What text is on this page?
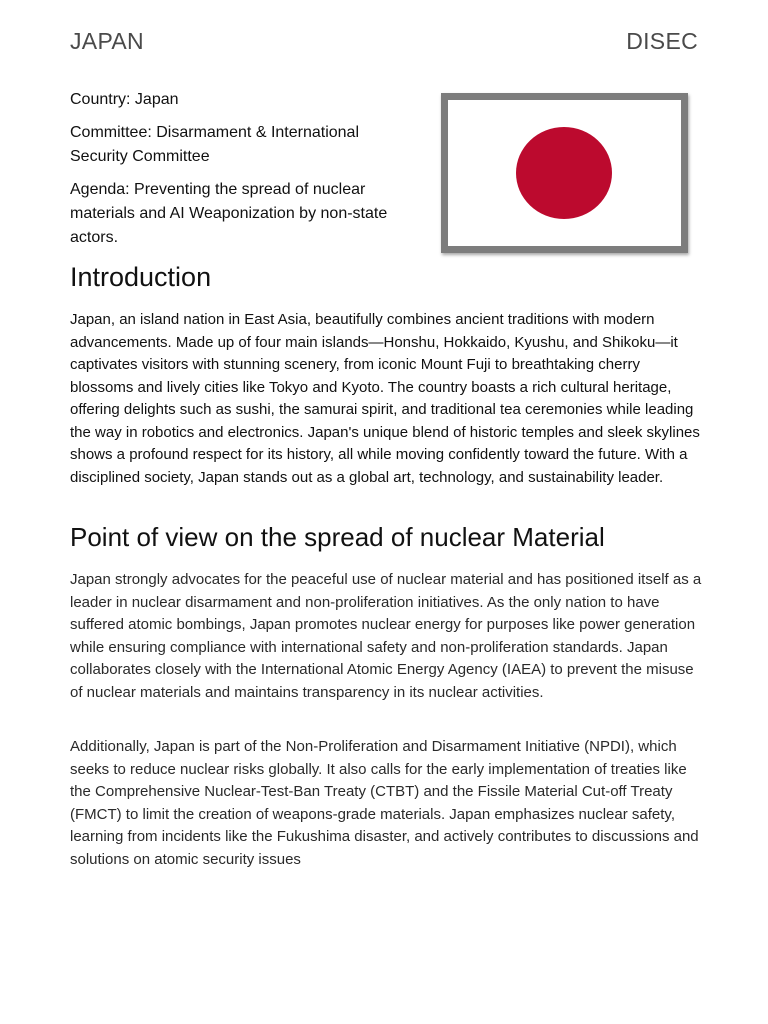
JAPAN	DISEC

Country: Japan

Committee: Disarmament & International Security Committee

Agenda: Preventing the spread of nuclear materials and AI Weaponization by non-state actors.

Introduction

Japan, an island nation in East Asia, beautifully combines ancient traditions with modern advancements. Made up of four main islands—Honshu, Hokkaido, Kyushu, and Shikoku—it captivates visitors with stunning scenery, from iconic Mount Fuji to breathtaking cherry blossoms and lively cities like Tokyo and Kyoto. The country boasts a rich cultural heritage, offering delights such as sushi, the samurai spirit, and traditional tea ceremonies while leading the way in robotics and electronics. Japan's unique blend of historic temples and sleek skylines shows a profound respect for its history, all while moving confidently toward the future. With a disciplined society, Japan stands out as a global art, technology, and sustainability leader.

Point of view on the spread of nuclear Material

Japan strongly advocates for the peaceful use of nuclear material and has positioned itself as a leader in nuclear disarmament and non-proliferation initiatives. As the only nation to have suffered atomic bombings, Japan promotes nuclear energy for purposes like power generation while ensuring compliance with international safety and non-proliferation standards. Japan collaborates closely with the International Atomic Energy Agency (IAEA) to prevent the misuse of nuclear materials and maintains transparency in its nuclear activities.

Additionally, Japan is part of the Non-Proliferation and Disarmament Initiative (NPDI), which seeks to reduce nuclear risks globally. It also calls for the early implementation of treaties like the Comprehensive Nuclear-Test-Ban Treaty (CTBT) and the Fissile Material Cut-off Treaty (FMCT) to limit the creation of weapons-grade materials. Japan emphasizes nuclear safety, learning from incidents like the Fukushima disaster, and actively contributes to discussions and solutions on atomic security issues
